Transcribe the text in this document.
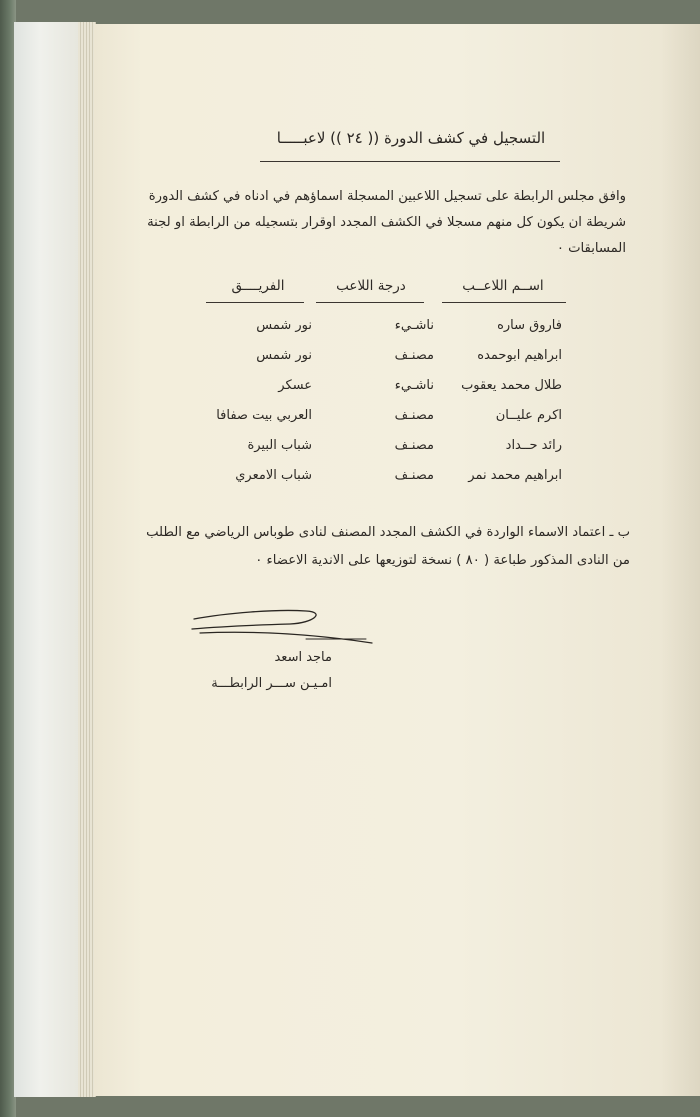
التسجيل في كشف الدورة (( ٢٤ )) لاعبـــــا
وافق مجلس الرابطة على تسجيل اللاعبين المسجلة اسماؤهم في ادناه في كشف الدورة
شريطة ان يكون كل منهم مسجلا في الكشف المجدد اوقرار بتسجيله من الرابطة او لجنة
المسابقات ٠
اســم اللاعــب
درجة اللاعب
الفريــــق
فاروق ساره
ناشـيء
نور شمس
ابراهيم ابوحمده
مصنـف
نور شمس
طلال محمد يعقوب
ناشـيء
عسكر
اكرم عليــان
مصنـف
العربي بيت صفافا
رائد حــداد
مصنـف
شباب البيرة
ابراهيم محمد نمر
مصنـف
شباب الامعري
ب ـ اعتماد الاسماء الواردة في الكشف المجدد المصنف لنادى طوباس الرياضي مع الطلب
من النادى المذكور طباعة ( ٨٠ ) نسخة لتوزيعها على الاندية الاعضاء ٠
ماجد اسعد
امـيـن ســـر الرابطـــة
